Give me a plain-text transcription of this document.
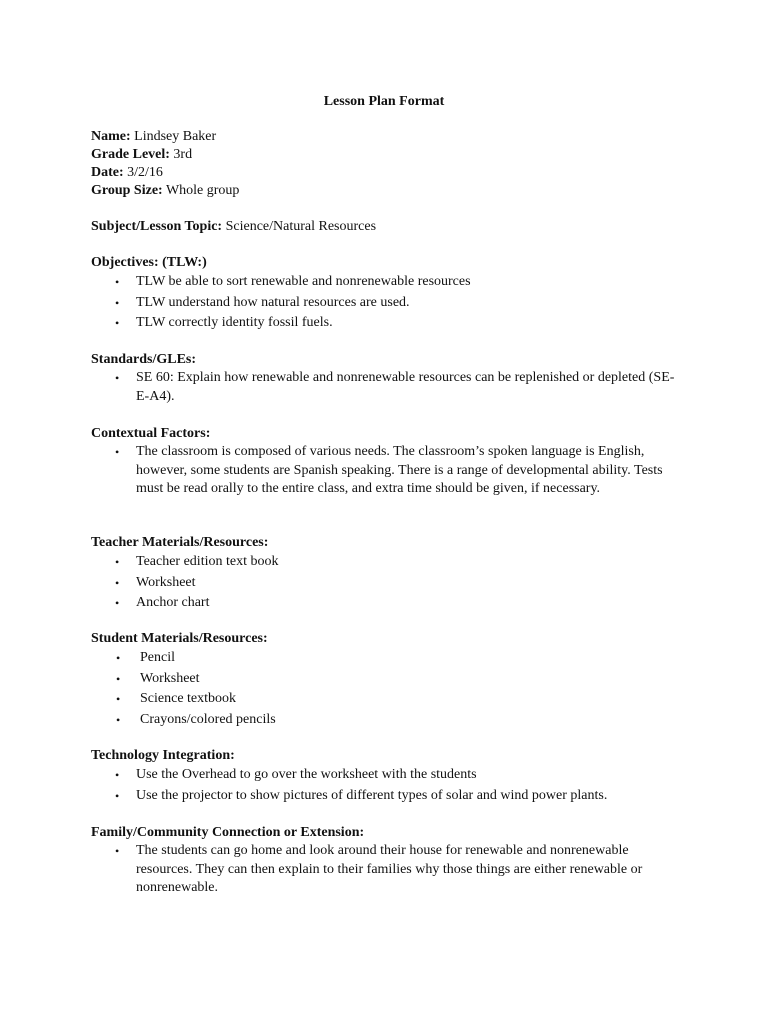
Lesson Plan Format
Name: Lindsey Baker
Grade Level: 3rd
Date: 3/2/16
Group Size: Whole group
Subject/Lesson Topic: Science/Natural Resources
Objectives: (TLW:)
• TLW be able to sort renewable and nonrenewable resources
• TLW understand how natural resources are used.
• TLW correctly identity fossil fuels.
Standards/GLEs:
• SE 60: Explain how renewable and nonrenewable resources can be replenished or depleted (SE-E-A4).
Contextual Factors:
• The classroom is composed of various needs. The classroom’s spoken language is English, however, some students are Spanish speaking. There is a range of developmental ability. Tests must be read orally to the entire class, and extra time should be given, if necessary.
Teacher Materials/Resources:
• Teacher edition text book
• Worksheet
• Anchor chart
Student Materials/Resources:
• Pencil
• Worksheet
• Science textbook
• Crayons/colored pencils
Technology Integration:
• Use the Overhead to go over the worksheet with the students
• Use the projector to show pictures of different types of solar and wind power plants.
Family/Community Connection or Extension:
• The students can go home and look around their house for renewable and nonrenewable resources. They can then explain to their families why those things are either renewable or nonrenewable.
